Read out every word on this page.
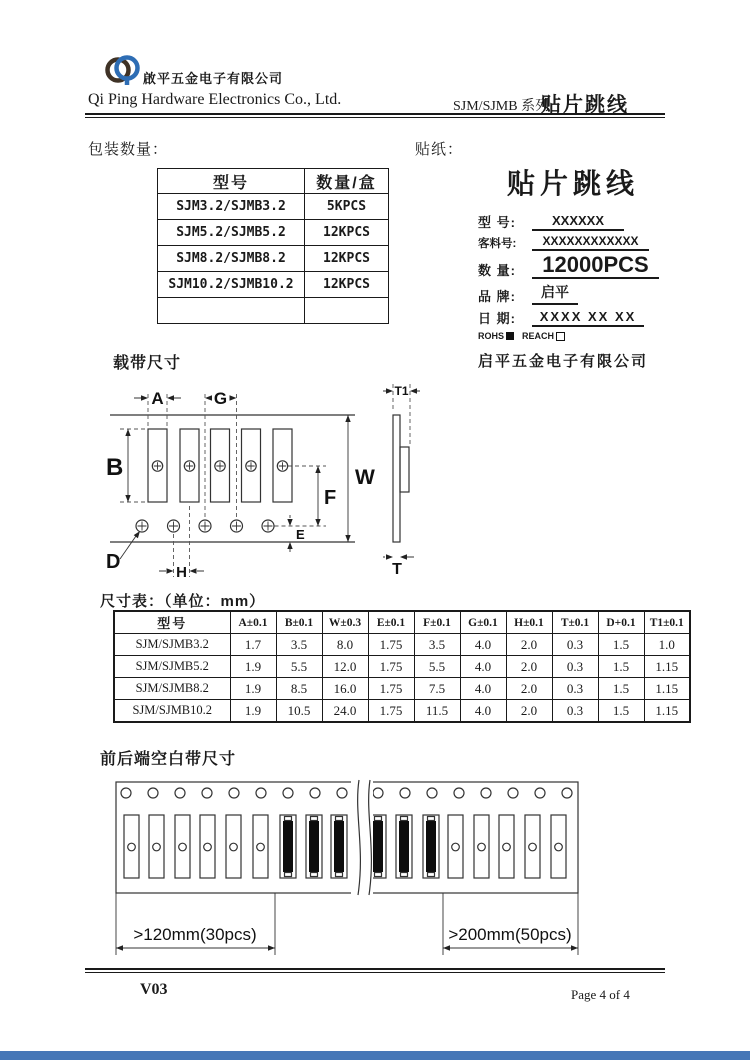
啟平五金电子有限公司
Qi Ping Hardware Electronics Co., Ltd.	SJM/SJMB 系列
贴片跳线
包装数量：
型号	数量/盒
SJM3.2/SJMB3.2	5KPCS
SJM5.2/SJMB5.2	12KPCS
SJM8.2/SJMB8.2	12KPCS
SJM10.2/SJMB10.2	12KPCS

贴纸：
贴片跳线
型 号:	XXXXXX
客料号:	XXXXXXXXXXXX
数 量:	12000PCS
品 牌:	启平
日 期:	XXXX XX XX
ROHS REACH
启平五金电子有限公司
载带尺寸
A	G
B	W
F
E
D	H
T1
T
尺寸表：（单位：mm）
型号	A±0.1	B±0.1	W±0.3	E±0.1	F±0.1	G±0.1	H±0.1	T±0.1	D+0.1	T1±0.1
SJM/SJMB3.2	1.7	3.5	8.0	1.75	3.5	4.0	2.0	0.3	1.5	1.0
SJM/SJMB5.2	1.9	5.5	12.0	1.75	5.5	4.0	2.0	0.3	1.5	1.15
SJM/SJMB8.2	1.9	8.5	16.0	1.75	7.5	4.0	2.0	0.3	1.5	1.15
SJM/SJMB10.2	1.9	10.5	24.0	1.75	11.5	4.0	2.0	0.3	1.5	1.15
前后端空白带尺寸
>120mm(30pcs)	>200mm(50pcs)
V03	Page 4 of 4
